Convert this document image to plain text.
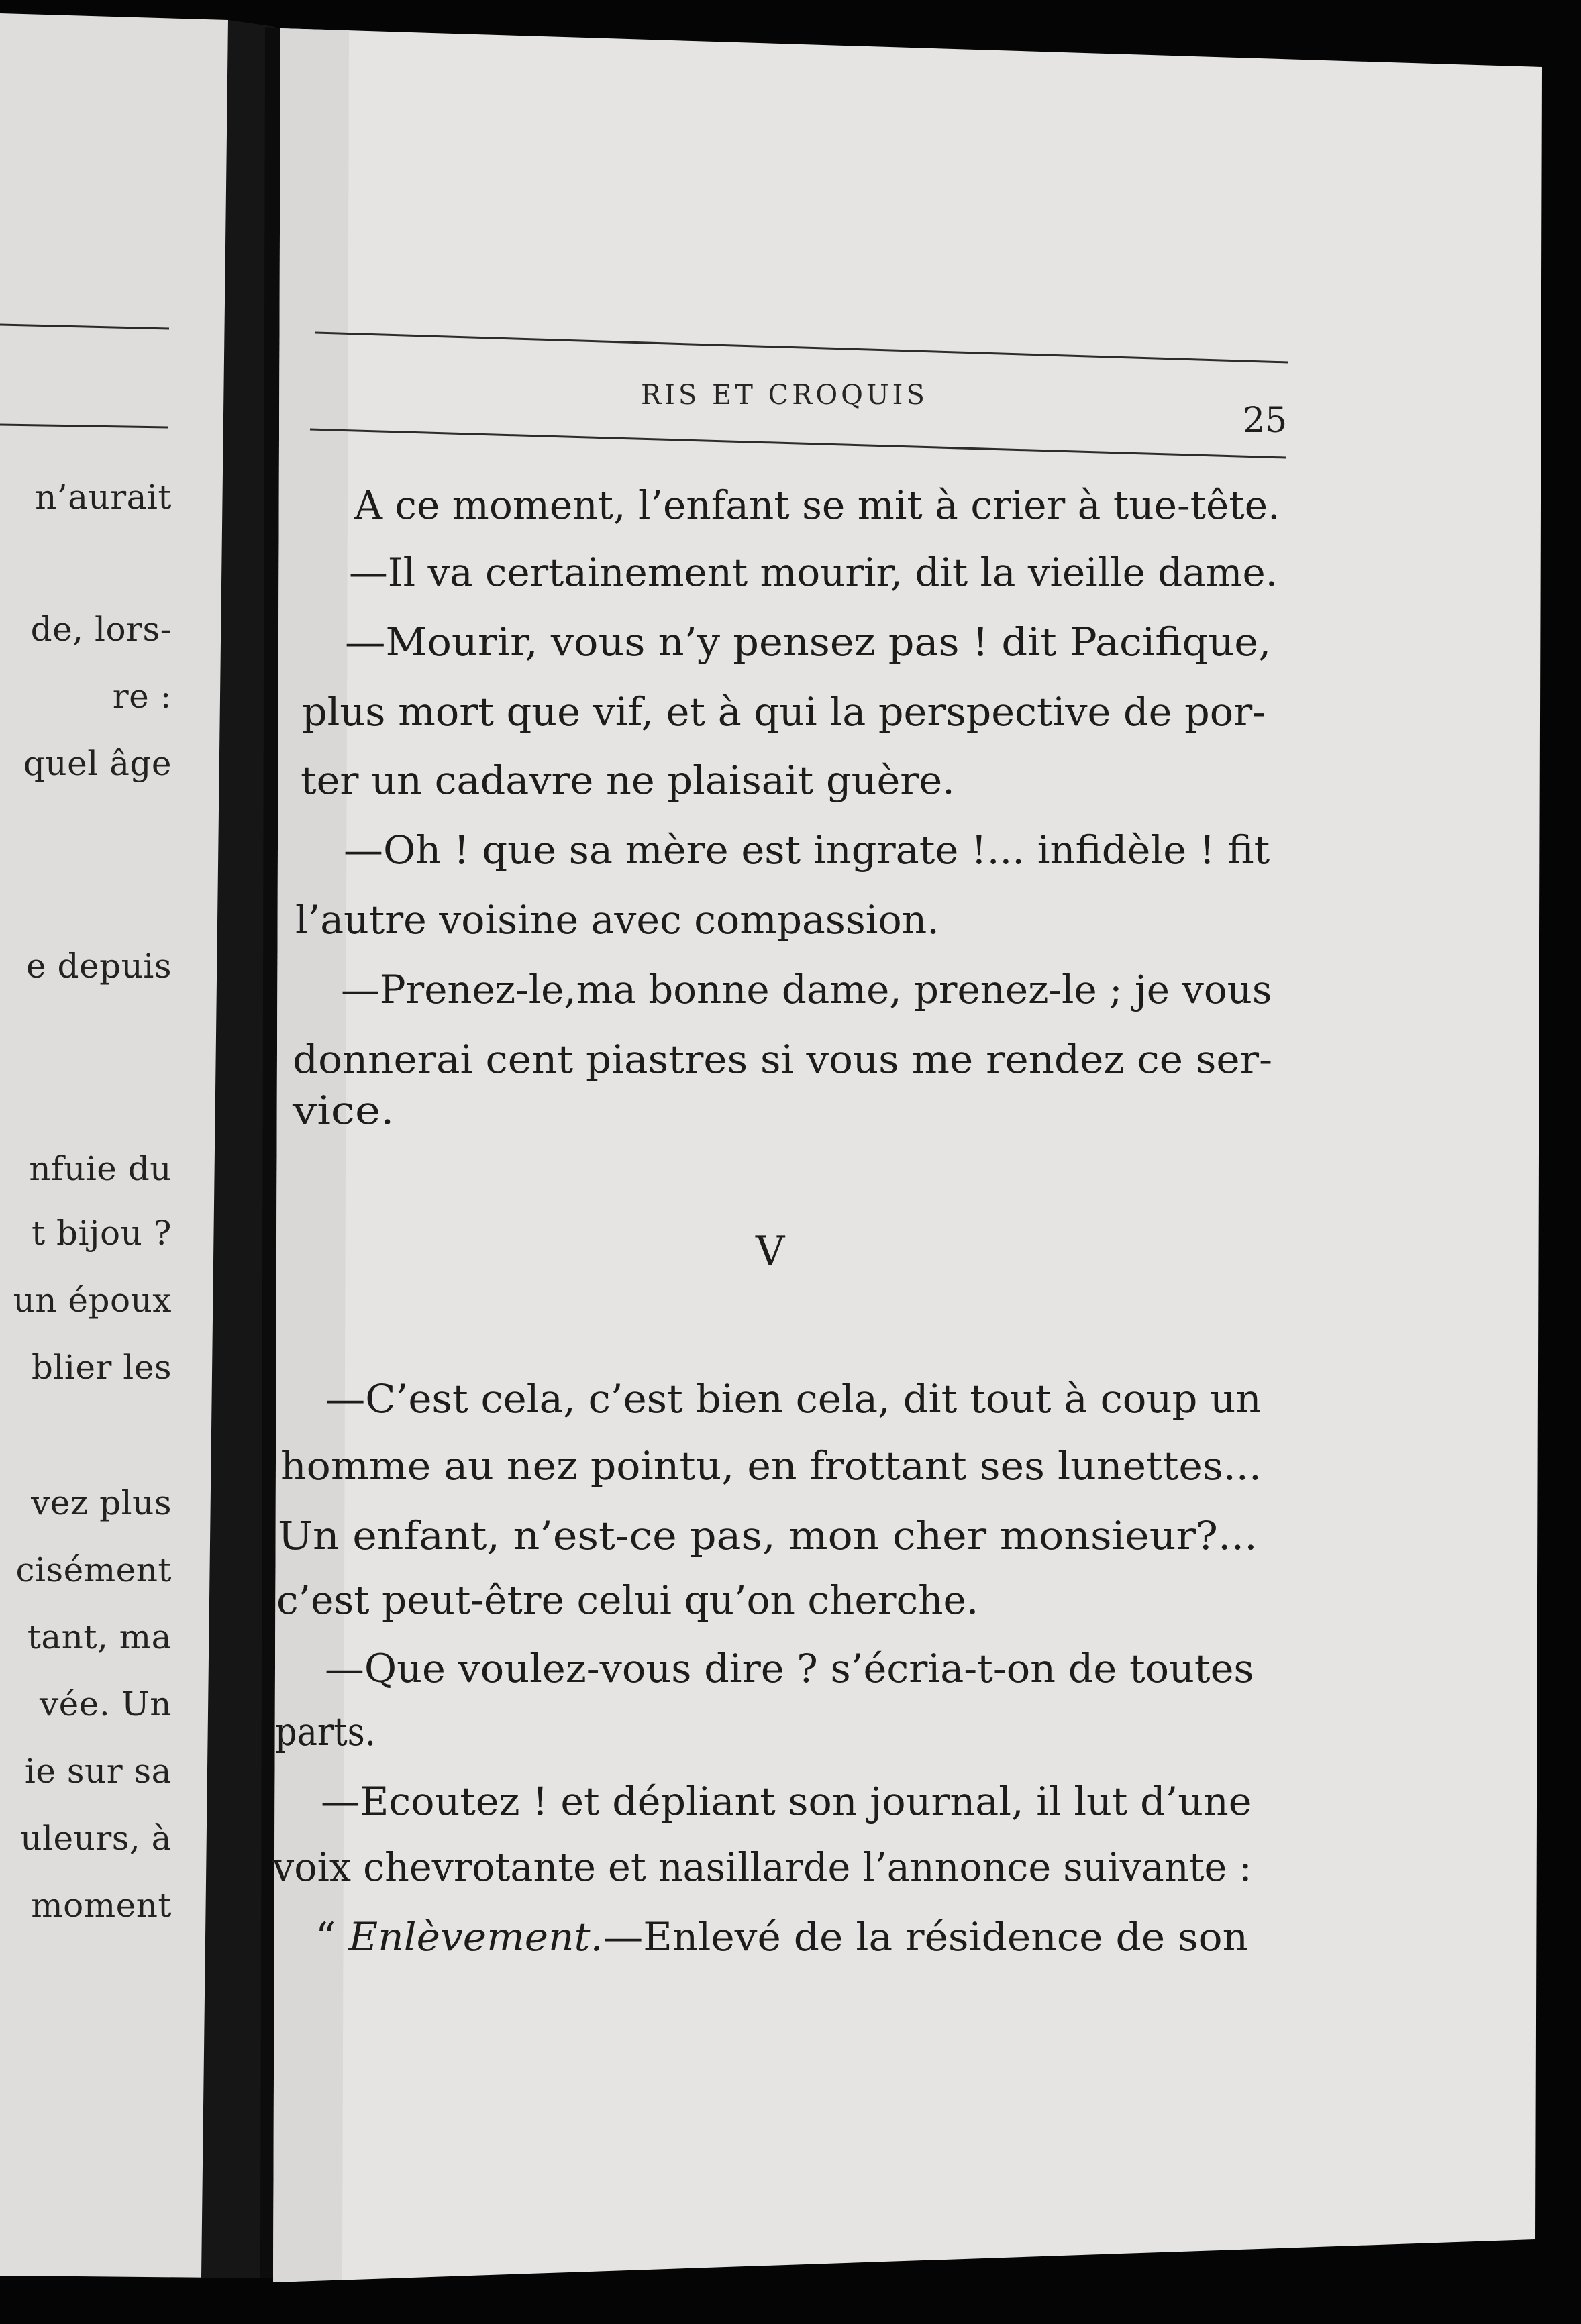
n’aurait
de, lors-
re :
quel âge
e depuis
nfuie du
t bijou ?
un époux
blier les
vez plus
cisément
tant, ma
vée. Un
ie sur sa
uleurs, à
moment
RIS ET CROQUIS
25
A ce moment, l’enfant se mit à crier à tue-tête.
—Il va certainement mourir, dit la vieille dame.
—Mourir, vous n’y pensez pas ! dit Pacifique,
plus mort que vif, et à qui la perspective de por-
ter un cadavre ne plaisait guère.
—Oh ! que sa mère est ingrate !... infidèle ! fit
l’autre voisine avec compassion.
—Prenez-le,ma bonne dame, prenez-le ; je vous
donnerai cent piastres si vous me rendez ce ser-
vice.
V
—C’est cela, c’est bien cela, dit tout à coup un
homme au nez pointu, en frottant ses lunettes...
Un enfant, n’est-ce pas, mon cher monsieur?...
c’est peut-être celui qu’on cherche.
—Que voulez-vous dire ? s’écria-t-on de toutes
parts.
—Ecoutez ! et dépliant son journal, il lut d’une
voix chevrotante et nasillarde l’annonce suivante :
“ Enlèvement.—Enlevé de la résidence de son
